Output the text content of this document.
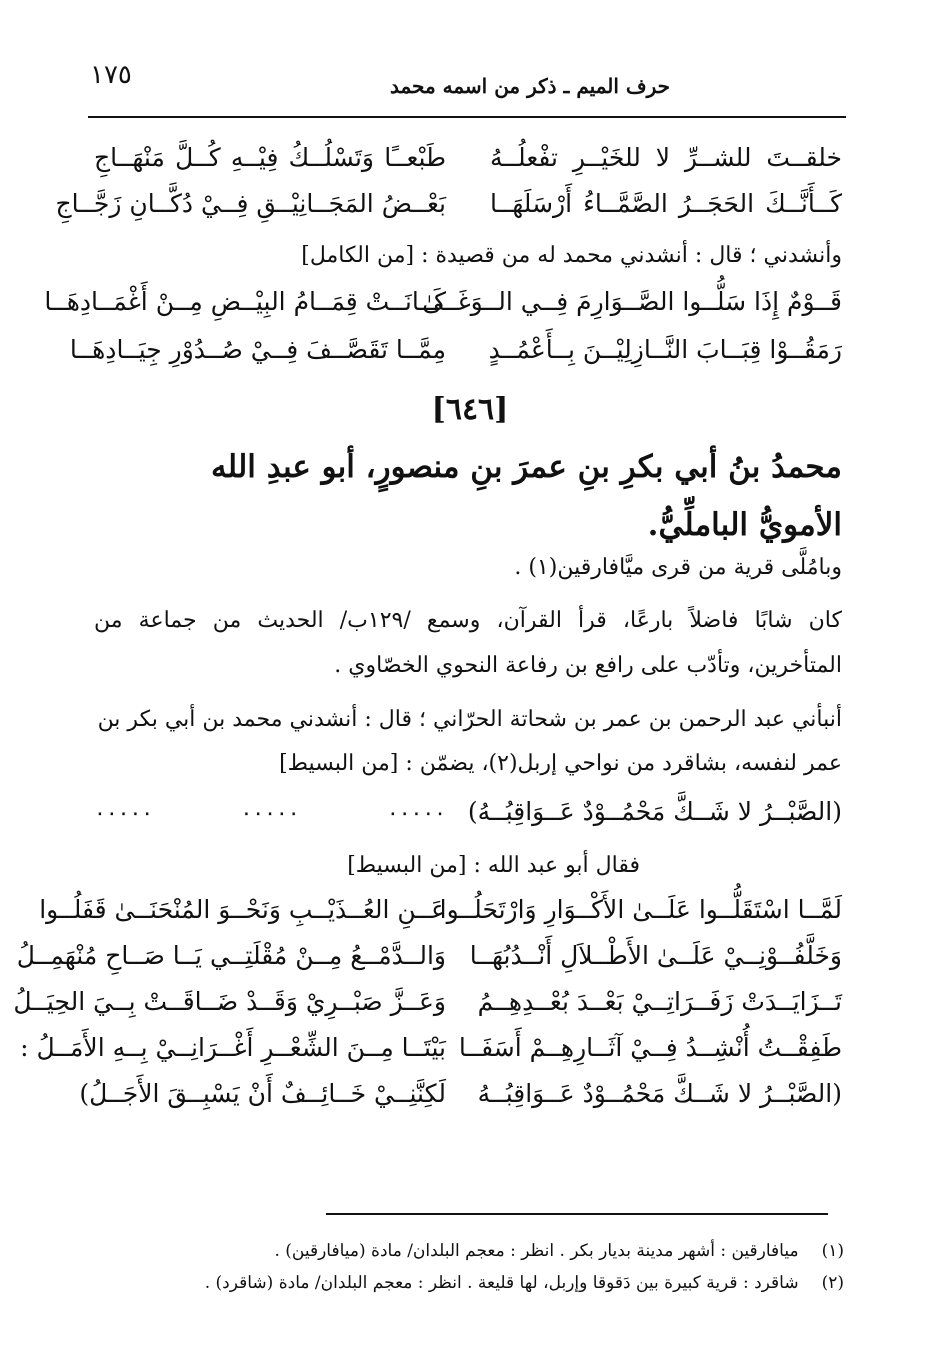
١٧٥	حرف الميم ـ ذكر من اسمه محمد
خلقــتَ للشــرِّ لا للخَيْــرِ تفْعلُــهُ
طَبْعــًا وَتَسْلُــكُ فِيْــهِ كُــلَّ مَنْهَــاجِ
كَــأَنَّــكَ الحَجَــرُ الصَّمَّــاءُ أَرْسَلَهَــا
بَعْــضُ المَجَــانِيْــقِ فِــيْ دُكَّــانِ زَجَّــاجِ
وأنشدني ؛ قال : أنشدني محمد له من قصيدة : [من الكامل]
قَــوْمٌ إِذَا سَلُّــوا الصَّــوَارِمَ فِــي الــوَغَــىٰ
كَــانَــتْ قِمَــامُ البِيْــضِ مِــنْ أَغْمَــادِهَــا
رَمَقُــوْا قِبَــابَ النَّــازِلِيْــنَ بِــأَعْمُــدٍ
مِمَّــا تَقَصَّــفَ فِــيْ صُــدُوْرِ جِيَــادِهَــا
[٦٤٦]
محمدُ بنُ أبي بكرِ بنِ عمرَ بنِ منصورٍ، أبو عبدِ الله الأمويُّ الباملِّيُّ.
وبامُلَّى قرية من قرى ميَّافارقين(١) .
كان شابًا فاضلاً بارعًا، قرأ القرآن، وسمع /١٢٩ب/ الحديث من جماعة من المتأخرين، وتأدّب على رافع بن رفاعة النحوي الخصّاوي .
أنبأني عبد الرحمن بن عمر بن شحاتة الحرّاني ؛ قال : أنشدني محمد بن أبي بكر بن
عمر لنفسه، بشاقرد من نواحي إربل(٢)، يضمّن : [من البسيط]
(الصَّبْــرُ لا شَــكَّ مَحْمُــوْدٌ عَــوَاقِبُــهُ)
٠٠٠٠٠	٠٠٠٠٠	٠٠٠٠٠
فقال أبو عبد الله : [من البسيط]
لَمَّــا اسْتَقَلُّــوا عَلَــىٰ الأَكْــوَارِ وَارْتَحَلُــوا
عَــنِ العُــذَيْــبِ وَنَحْــوَ المُنْحَنَــىٰ قَفَلُــوا
وَخَلَّفُــوْنِــيْ عَلَــىٰ الأَطْــلاَلِ أَنْــدُبُهَــا
وَالــدَّمْــعُ مِــنْ مُقْلَتِــي يَــا صَــاحِ مُنْهَمِــلُ
تَــزَايَــدَتْ زَفَــرَاتِــيْ بَعْــدَ بُعْــدِهِــمُ
وَعَــزَّ صَبْــرِيْ وَقَــدْ ضَــاقَــتْ بِــيَ الحِيَــلُ
طَفِقْــتُ أُنْشِــدُ فِــيْ آثَــارِهِــمْ أَسَفَــا
بَيْتَــا مِــنَ الشِّعْــرِ أَغْــرَانِــيْ بِــهِ الأَمَــلُ :
(الصَّبْــرُ لا شَــكَّ مَحْمُــوْدٌ عَــوَاقِبُــهُ
لَكِنَّنِــيْ خَــائِــفٌ أَنْ يَسْبِــقَ الأَجَــلُ)
(١) ميافارقين : أشهر مدينة بديار بكر . انظر : معجم البلدان/ مادة (ميافارقين) .
(٢) شاقرد : قرية كبيرة بين دَقوقا وإربل، لها قليعة . انظر : معجم البلدان/ مادة (شاقرد) .
